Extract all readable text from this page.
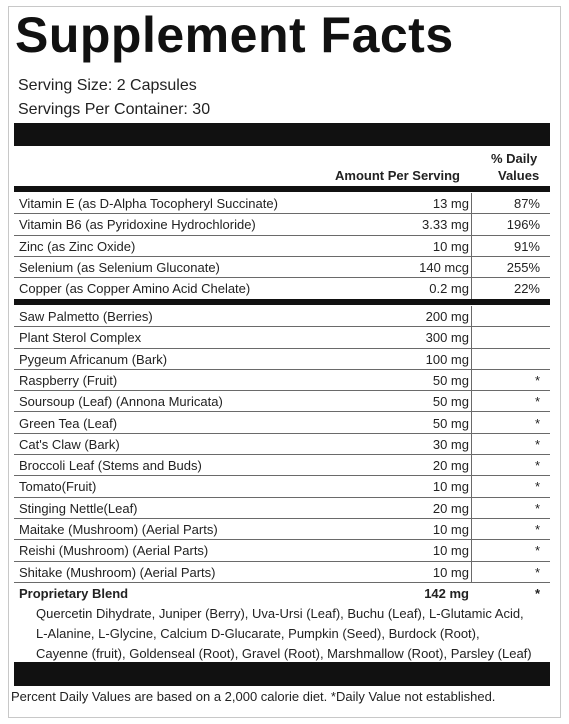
Supplement Facts
Serving Size: 2 Capsules
Servings Per Container: 30
Amount Per Serving
% Daily
Values
Vitamin E (as D-Alpha Tocopheryl Succinate)	13 mg	87%
Vitamin B6 (as Pyridoxine Hydrochloride)	3.33 mg	196%
Zinc (as Zinc Oxide)	10 mg	91%
Selenium (as Selenium Gluconate)	140 mcg	255%
Copper (as Copper Amino Acid Chelate)	0.2 mg	22%
Saw Palmetto (Berries)	200 mg
Plant Sterol Complex	300 mg
Pygeum Africanum (Bark)	100 mg
Raspberry (Fruit)	50 mg	*
Soursoup (Leaf) (Annona Muricata)	50 mg	*
Green Tea (Leaf)	50 mg	*
Cat's Claw (Bark)	30 mg	*
Broccoli Leaf (Stems and Buds)	20 mg	*
Tomato(Fruit)	10 mg	*
Stinging Nettle(Leaf)	20 mg	*
Maitake (Mushroom) (Aerial Parts)	10 mg	*
Reishi (Mushroom) (Aerial Parts)	10 mg	*
Shitake (Mushroom) (Aerial Parts)	10 mg	*
Proprietary Blend	142 mg	*
Quercetin Dihydrate, Juniper (Berry), Uva-Ursi (Leaf), Buchu (Leaf), L-Glutamic Acid,
L-Alanine, L-Glycine, Calcium D-Glucarate, Pumpkin (Seed), Burdock (Root),
Cayenne (fruit), Goldenseal (Root), Gravel (Root), Marshmallow (Root), Parsley (Leaf)
Percent Daily Values are based on a 2,000 calorie diet. *Daily Value not established.
